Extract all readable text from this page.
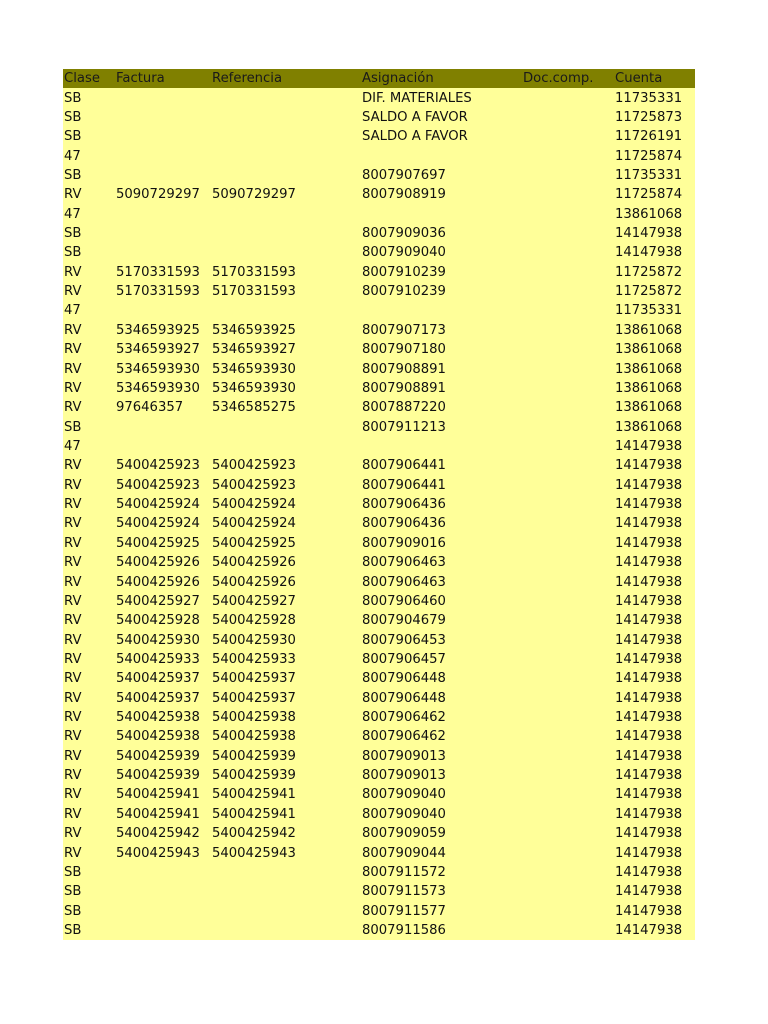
Clase	Factura	Referencia	Asignación	Doc.comp.	Cuenta
SB			DIF. MATERIALES		11735331
SB			SALDO A FAVOR		11725873
SB			SALDO A FAVOR		11726191
47					11725874
SB			8007907697		11735331
RV	5090729297	5090729297	8007908919		11725874
47					13861068
SB			8007909036		14147938
SB			8007909040		14147938
RV	5170331593	5170331593	8007910239		11725872
RV	5170331593	5170331593	8007910239		11725872
47					11735331
RV	5346593925	5346593925	8007907173		13861068
RV	5346593927	5346593927	8007907180		13861068
RV	5346593930	5346593930	8007908891		13861068
RV	5346593930	5346593930	8007908891		13861068
RV	97646357	5346585275	8007887220		13861068
SB			8007911213		13861068
47					14147938
RV	5400425923	5400425923	8007906441		14147938
RV	5400425923	5400425923	8007906441		14147938
RV	5400425924	5400425924	8007906436		14147938
RV	5400425924	5400425924	8007906436		14147938
RV	5400425925	5400425925	8007909016		14147938
RV	5400425926	5400425926	8007906463		14147938
RV	5400425926	5400425926	8007906463		14147938
RV	5400425927	5400425927	8007906460		14147938
RV	5400425928	5400425928	8007904679		14147938
RV	5400425930	5400425930	8007906453		14147938
RV	5400425933	5400425933	8007906457		14147938
RV	5400425937	5400425937	8007906448		14147938
RV	5400425937	5400425937	8007906448		14147938
RV	5400425938	5400425938	8007906462		14147938
RV	5400425938	5400425938	8007906462		14147938
RV	5400425939	5400425939	8007909013		14147938
RV	5400425939	5400425939	8007909013		14147938
RV	5400425941	5400425941	8007909040		14147938
RV	5400425941	5400425941	8007909040		14147938
RV	5400425942	5400425942	8007909059		14147938
RV	5400425943	5400425943	8007909044		14147938
SB			8007911572		14147938
SB			8007911573		14147938
SB			8007911577		14147938
SB			8007911586		14147938
